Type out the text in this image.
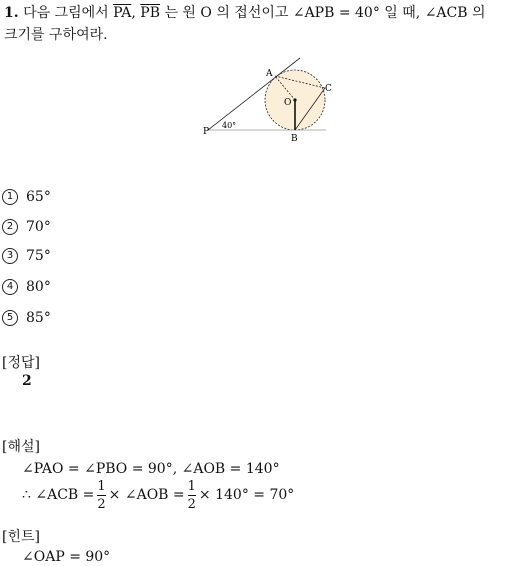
1. 다음 그림에서 $\overline{PA}$, $\overline{PB}$ 는 원 O 의 접선이고 ∠APB = 40° 일 때, ∠ACB 의
크기를 구하여라.
A
C
O
B
P
40°
1 65°
2 70°
3 75°
4 80°
5 85°
[정답]
2
[해설]
∠PAO = ∠PBO = 90°, ∠AOB = 140°
∴ ∠ACB = $\frac{1}{2}$ × ∠AOB = $\frac{1}{2} \times 140^\circ = 70^\circ$
[힌트]
∠OAP = 90°
